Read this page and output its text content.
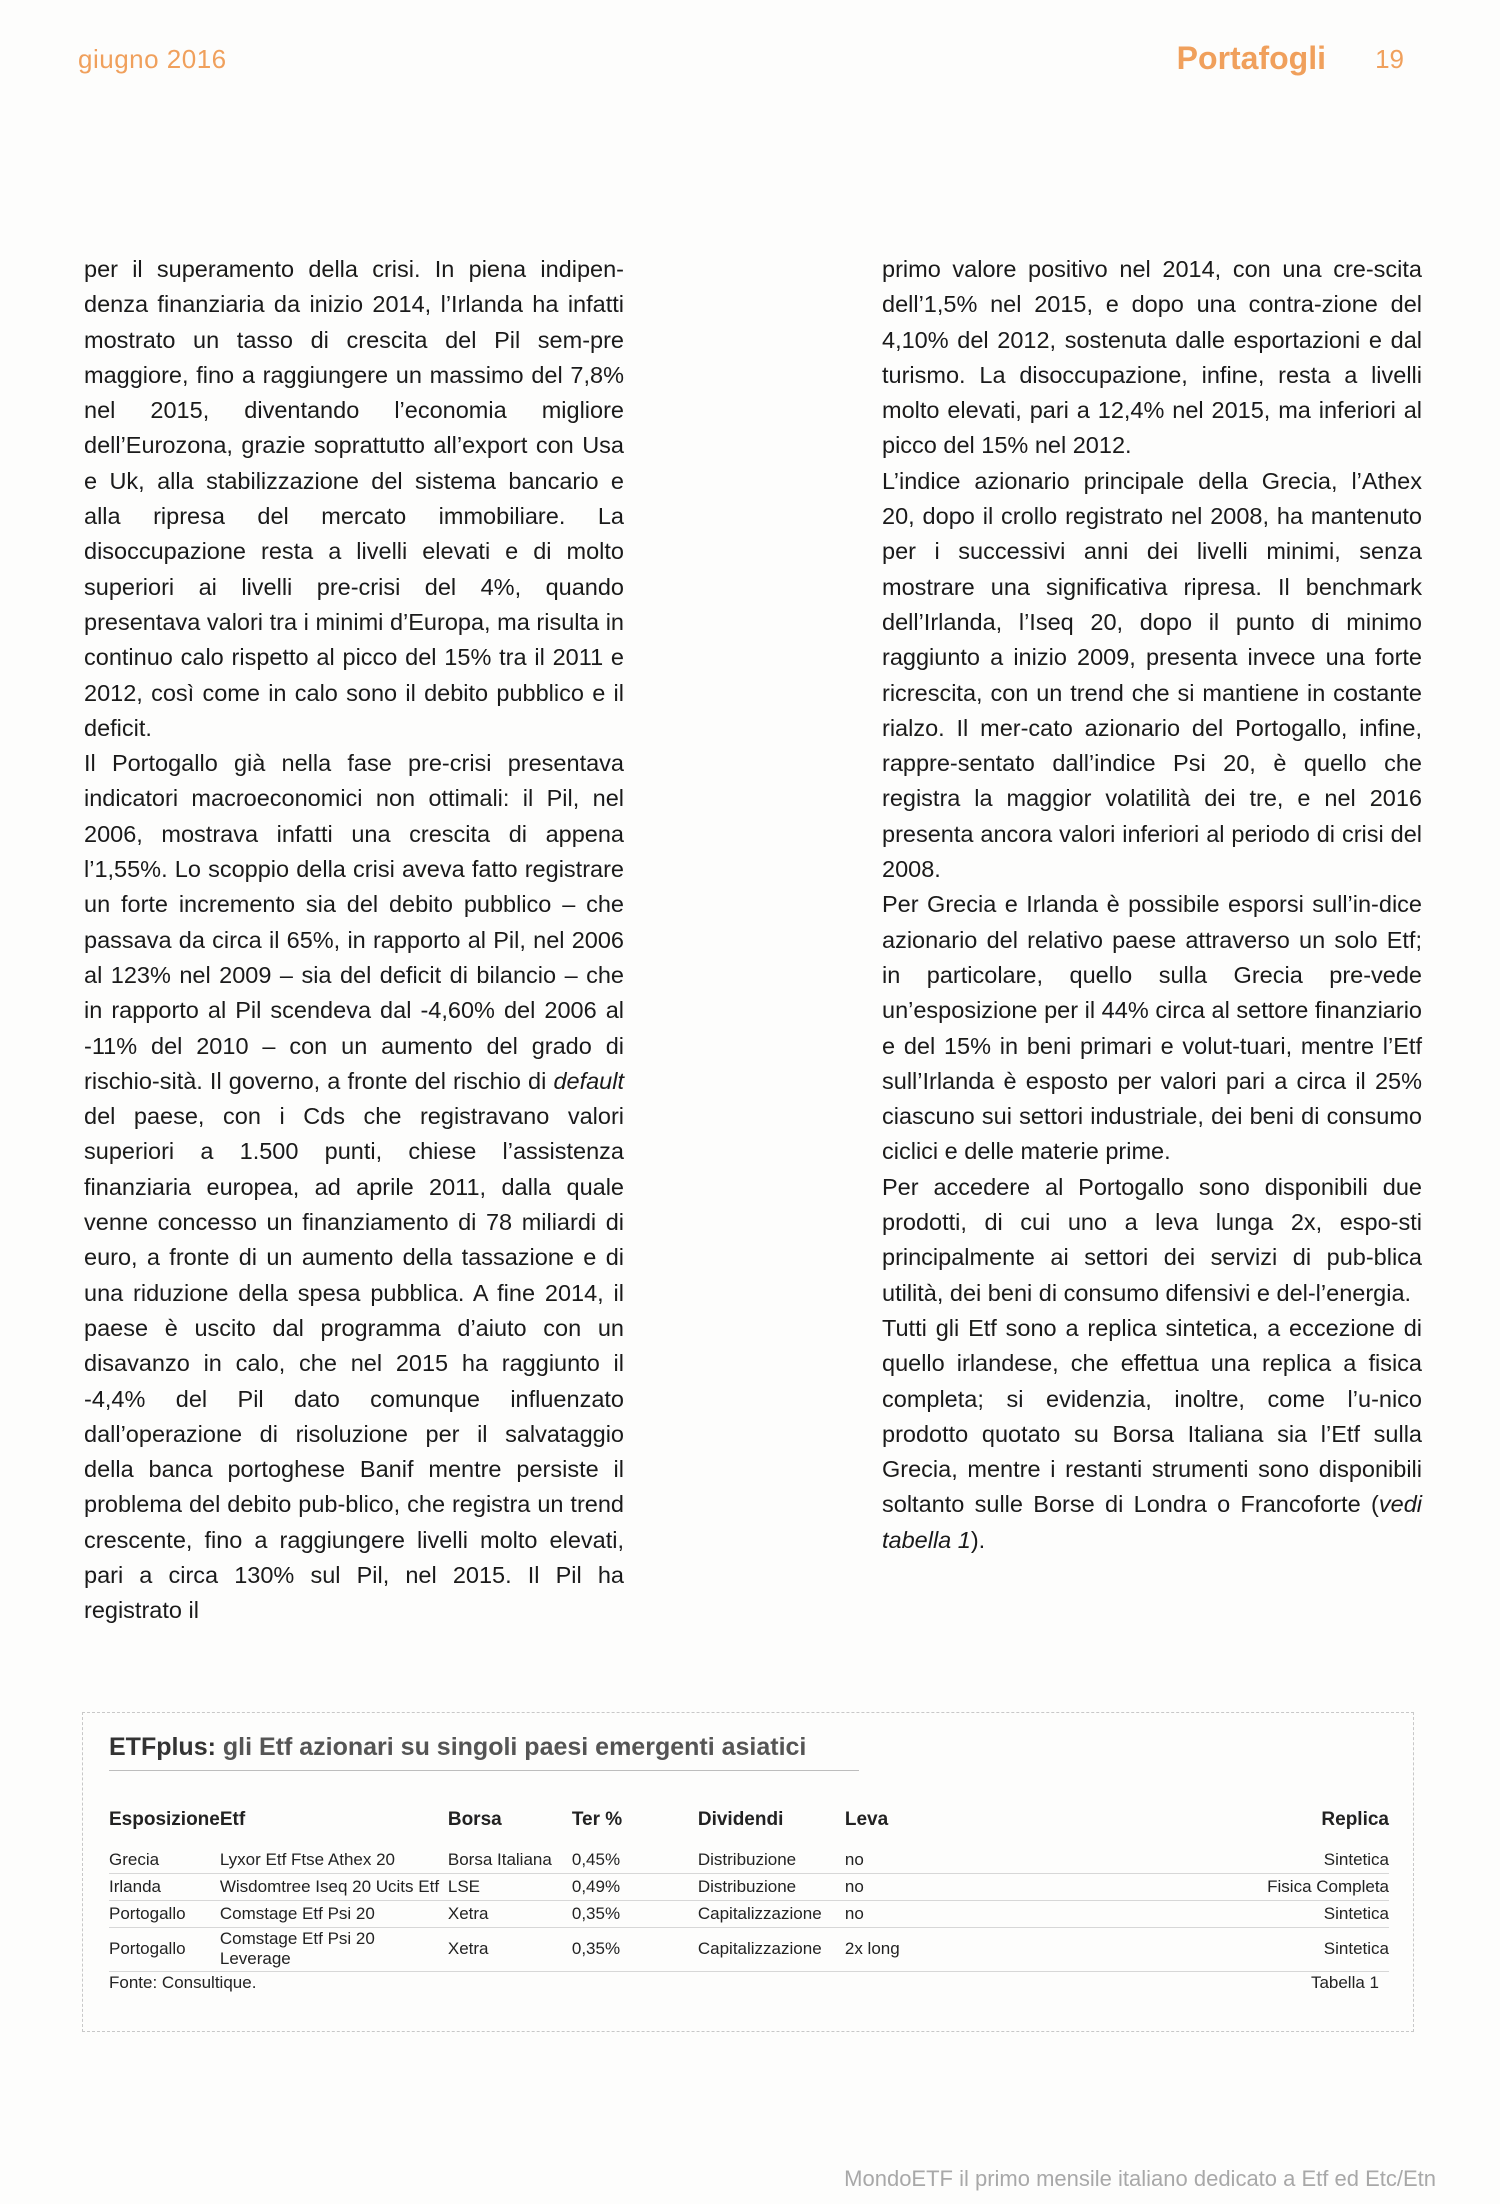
giugno 2016	Portafogli 19

per il superamento della crisi. In piena indipen-denza finanziaria da inizio 2014, l’Irlanda ha infatti mostrato un tasso di crescita del Pil sem-pre maggiore, fino a raggiungere un massimo del 7,8% nel 2015, diventando l’economia migliore dell’Eurozona, grazie soprattutto all’export con Usa e Uk, alla stabilizzazione del sistema bancario e alla ripresa del mercato immobiliare. La disoccupazione resta a livelli elevati e di molto superiori ai livelli pre-crisi del 4%, quando presentava valori tra i minimi d’Europa, ma risulta in continuo calo rispetto al picco del 15% tra il 2011 e 2012, così come in calo sono il debito pubblico e il deficit.

Il Portogallo già nella fase pre-crisi presentava indicatori macroeconomici non ottimali: il Pil, nel 2006, mostrava infatti una crescita di appena l’1,55%. Lo scoppio della crisi aveva fatto registrare un forte incremento sia del debito pubblico – che passava da circa il 65%, in rapporto al Pil, nel 2006 al 123% nel 2009 – sia del deficit di bilancio – che in rapporto al Pil scendeva dal -4,60% del 2006 al -11% del 2010 – con un aumento del grado di rischio-sità. Il governo, a fronte del rischio di default del paese, con i Cds che registravano valori superiori a 1.500 punti, chiese l’assistenza finanziaria europea, ad aprile 2011, dalla quale venne concesso un finanziamento di 78 miliardi di euro, a fronte di un aumento della tassazione e di una riduzione della spesa pubblica. A fine 2014, il paese è uscito dal programma d’aiuto con un disavanzo in calo, che nel 2015 ha raggiunto il -4,4% del Pil dato comunque influenzato dall’operazione di risoluzione per il salvataggio della banca portoghese Banif mentre persiste il problema del debito pub-blico, che registra un trend crescente, fino a raggiungere livelli molto elevati, pari a circa 130% sul Pil, nel 2015. Il Pil ha registrato il

primo valore positivo nel 2014, con una cre-scita dell’1,5% nel 2015, e dopo una contra-zione del 4,10% del 2012, sostenuta dalle esportazioni e dal turismo. La disoccupazione, infine, resta a livelli molto elevati, pari a 12,4% nel 2015, ma inferiori al picco del 15% nel 2012.

L’indice azionario principale della Grecia, l’Athex 20, dopo il crollo registrato nel 2008, ha mantenuto per i successivi anni dei livelli minimi, senza mostrare una significativa ripresa. Il benchmark dell’Irlanda, l’Iseq 20, dopo il punto di minimo raggiunto a inizio 2009, presenta invece una forte ricrescita, con un trend che si mantiene in costante rialzo. Il mer-cato azionario del Portogallo, infine, rappre-sentato dall’indice Psi 20, è quello che registra la maggior volatilità dei tre, e nel 2016 presenta ancora valori inferiori al periodo di crisi del 2008.

Per Grecia e Irlanda è possibile esporsi sull’in-dice azionario del relativo paese attraverso un solo Etf; in particolare, quello sulla Grecia pre-vede un’esposizione per il 44% circa al settore finanziario e del 15% in beni primari e volut-tuari, mentre l’Etf sull’Irlanda è esposto per valori pari a circa il 25% ciascuno sui settori industriale, dei beni di consumo ciclici e delle materie prime.

Per accedere al Portogallo sono disponibili due prodotti, di cui uno a leva lunga 2x, espo-sti principalmente ai settori dei servizi di pub-blica utilità, dei beni di consumo difensivi e del-l’energia.

Tutti gli Etf sono a replica sintetica, a eccezione di quello irlandese, che effettua una replica a fisica completa; si evidenzia, inoltre, come l’u-nico prodotto quotato su Borsa Italiana sia l’Etf sulla Grecia, mentre i restanti strumenti sono disponibili soltanto sulle Borse di Londra o Francoforte (vedi tabella 1).

ETFplus: gli Etf azionari su singoli paesi emergenti asiatici
Esposizione	Etf	Borsa	Ter %	Dividendi	Leva	Replica
Grecia	Lyxor Etf Ftse Athex 20	Borsa Italiana	0,45%	Distribuzione	no	Sintetica
Irlanda	Wisdomtree Iseq 20 Ucits Etf	LSE	0,49%	Distribuzione	no	Fisica Completa
Portogallo	Comstage Etf Psi 20	Xetra	0,35%	Capitalizzazione	no	Sintetica
Portogallo	Comstage Etf Psi 20 Leverage	Xetra	0,35%	Capitalizzazione	2x long	Sintetica
Fonte: Consultique.	Tabella 1
MondoETF il primo mensile italiano dedicato a Etf ed Etc/Etn
